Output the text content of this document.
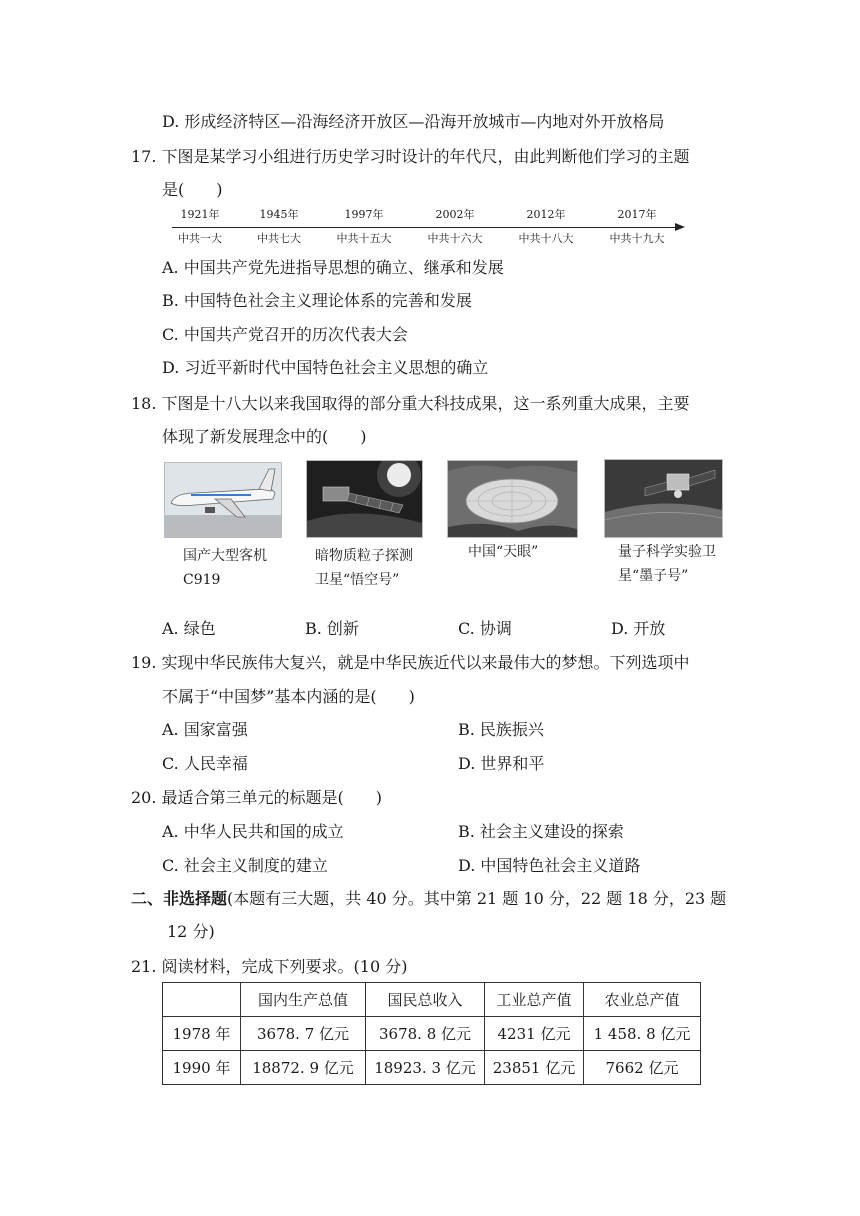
D. 形成经济特区—沿海经济开放区—沿海开放城市—内地对外开放格局
17. 下图是某学习小组进行历史学习时设计的年代尺，由此判断他们学习的主题
是(　　)
1921年
中共一大
1945年
中共七大
1997年
中共十五大
2002年
中共十六大
2012年
中共十八大
2017年
中共十九大
A. 中国共产党先进指导思想的确立、继承和发展
B. 中国特色社会主义理论体系的完善和发展
C. 中国共产党召开的历次代表大会
D. 习近平新时代中国特色社会主义思想的确立
18. 下图是十八大以来我国取得的部分重大科技成果，这一系列重大成果，主要
体现了新发展理念中的(　　)
国产大型客机
C919
暗物质粒子探测
卫星“悟空号”
中国“天眼”	量子科学实验卫
星“墨子号”
A. 绿色	B. 创新	C. 协调	D. 开放
19. 实现中华民族伟大复兴，就是中华民族近代以来最伟大的梦想。下列选项中
不属于“中国梦”基本内涵的是(　　)
A. 国家富强	B. 民族振兴
C. 人民幸福	D. 世界和平
20. 最适合第三单元的标题是(　　)
A. 中华人民共和国的成立	B. 社会主义建设的探索
C. 社会主义制度的建立	D. 中国特色社会主义道路
二、非选择题(本题有三大题，共 40 分。其中第 21 题 10 分，22 题 18 分，23 题
12 分)
21. 阅读材料，完成下列要求。(10 分)
	国内生产总值	国民总收入	工业总产值	农业总产值
1978 年	3678. 7 亿元	3678. 8 亿元	4231 亿元	1 458. 8 亿元
1990 年	18872. 9 亿元	18923. 3 亿元	23851 亿元	7662 亿元
